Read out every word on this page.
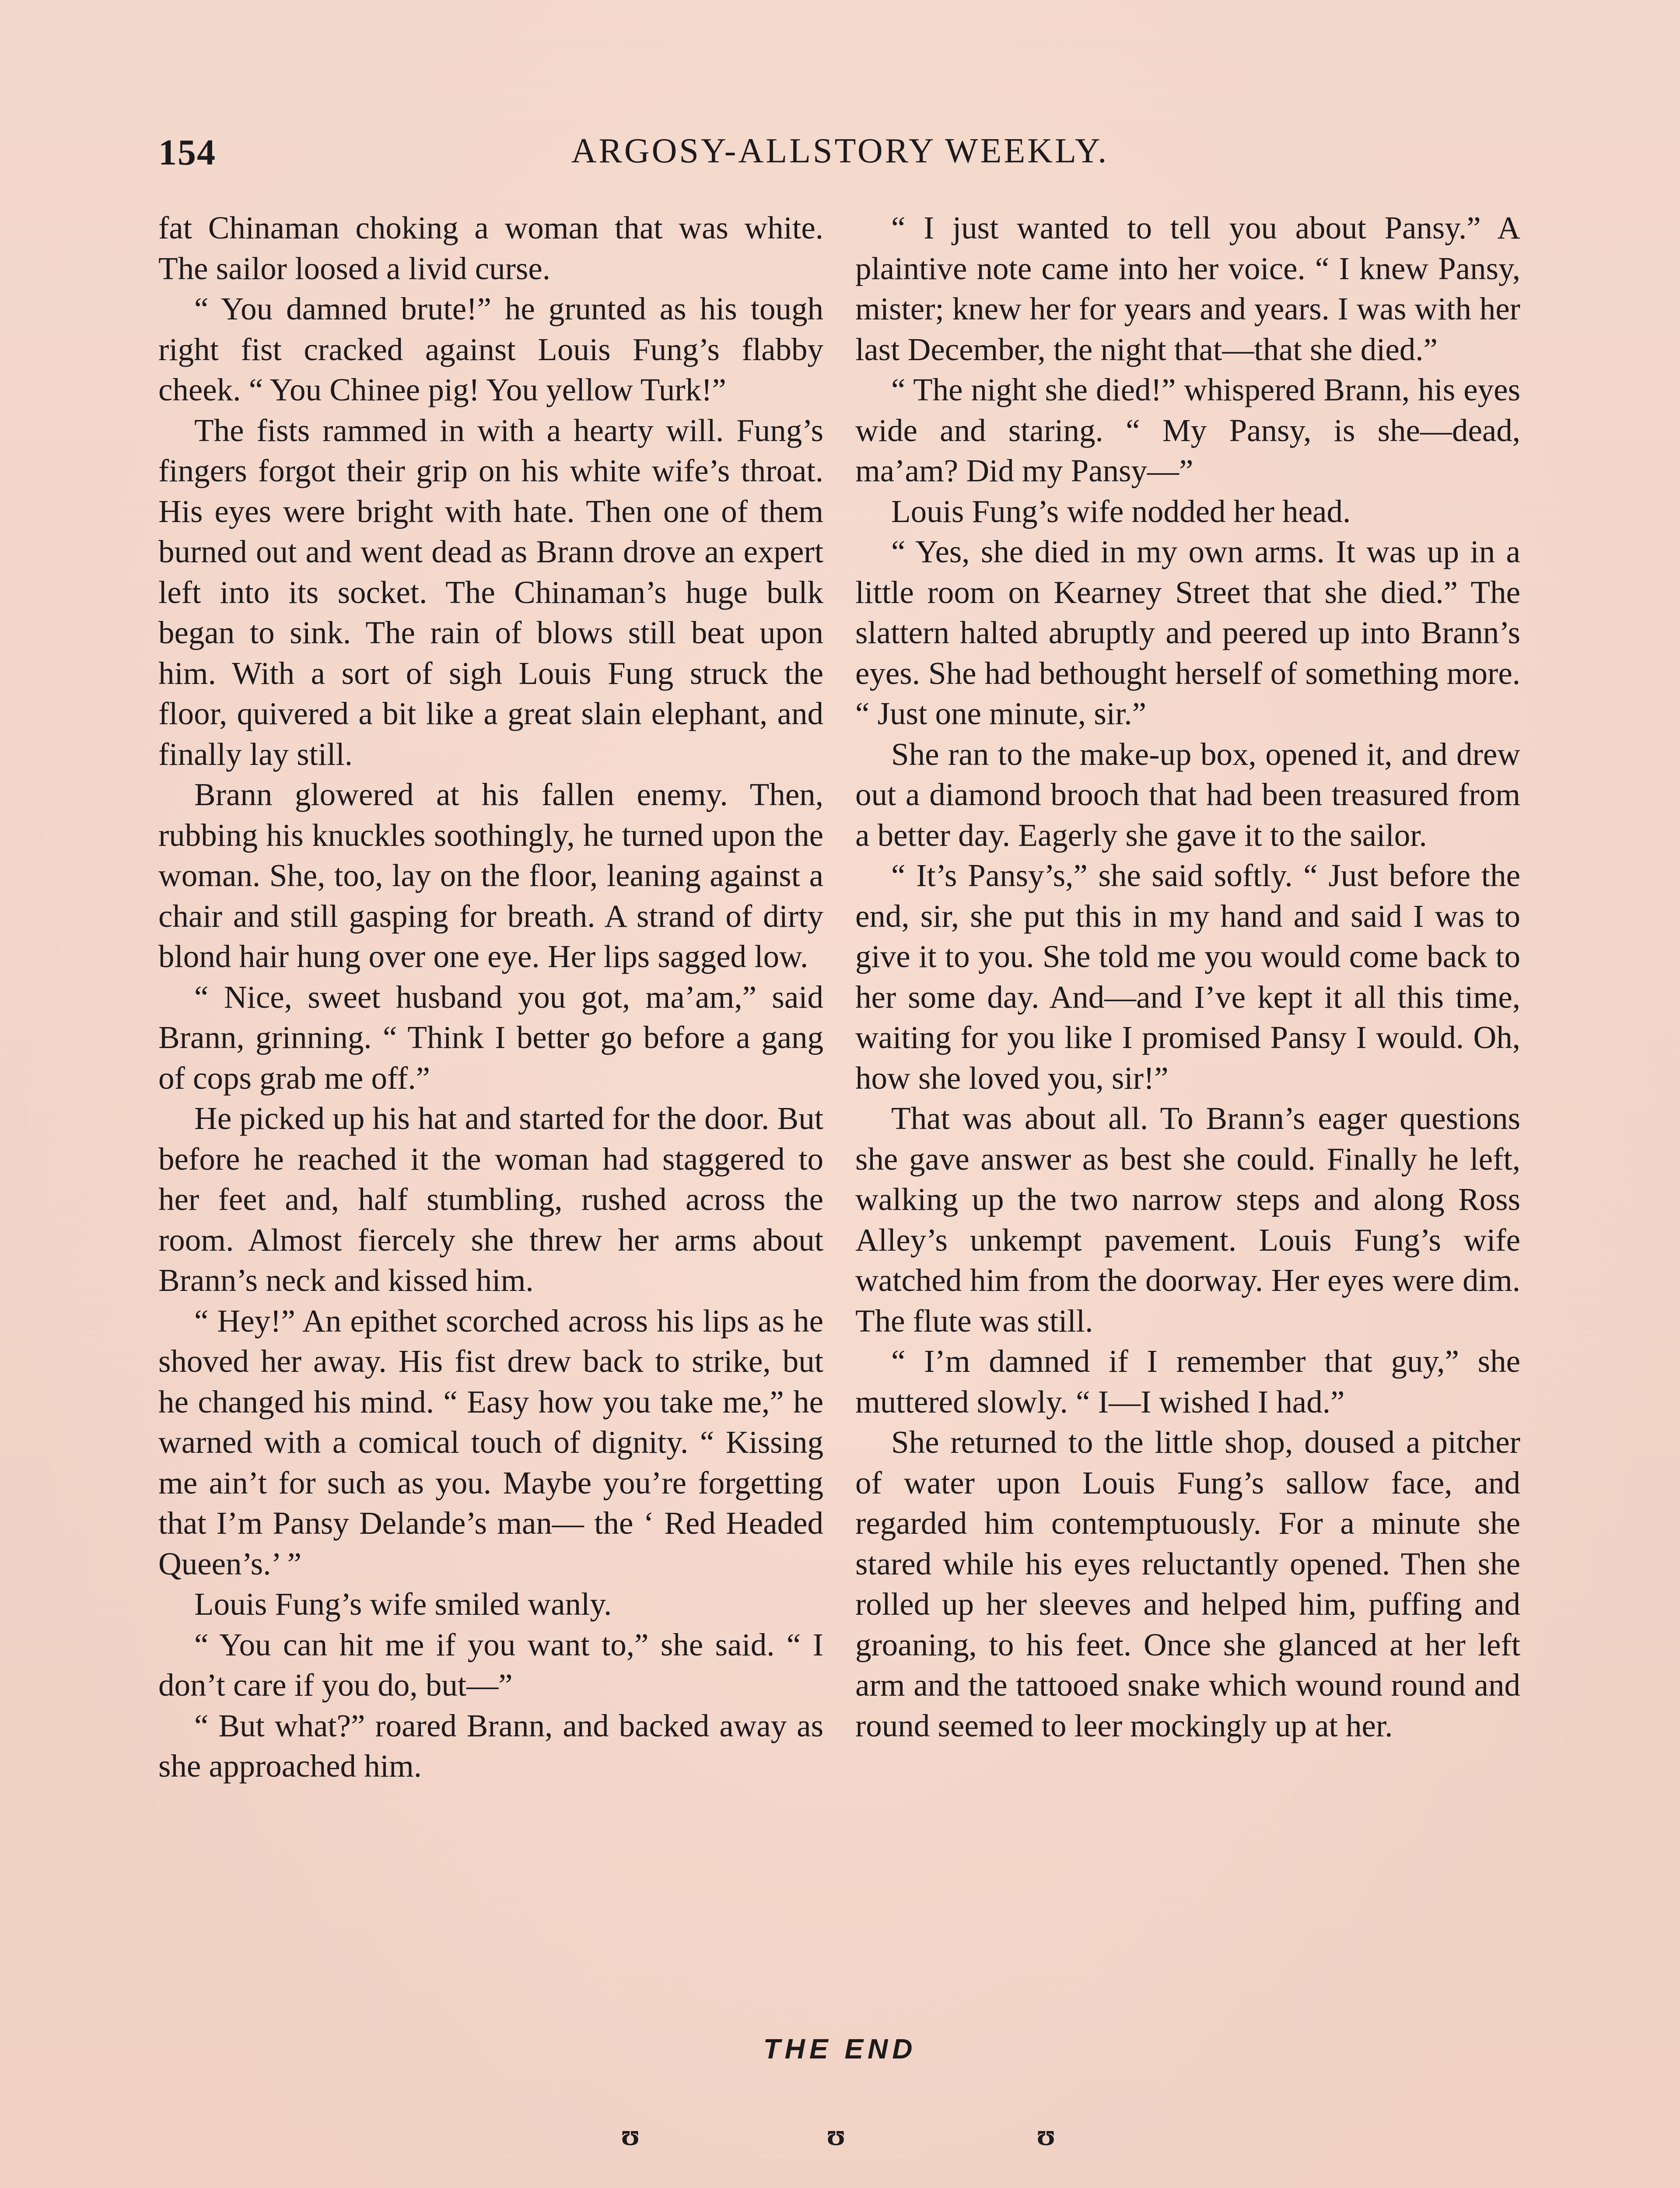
154	ARGOSY-ALLSTORY WEEKLY.

fat Chinaman choking a woman that was white. The sailor loosed a livid curse.

“ You damned brute!” he grunted as his tough right fist cracked against Louis Fung’s flabby cheek. “ You Chinee pig! You yellow Turk!”

The fists rammed in with a hearty will. Fung’s fingers forgot their grip on his white wife’s throat. His eyes were bright with hate. Then one of them burned out and went dead as Brann drove an expert left into its socket. The Chinaman’s huge bulk began to sink. The rain of blows still beat upon him. With a sort of sigh Louis Fung struck the floor, quivered a bit like a great slain elephant, and finally lay still.

Brann glowered at his fallen enemy. Then, rubbing his knuckles soothingly, he turned upon the woman. She, too, lay on the floor, leaning against a chair and still gasping for breath. A strand of dirty blond hair hung over one eye. Her lips sagged low.

“ Nice, sweet husband you got, ma’am,” said Brann, grinning. “ Think I better go before a gang of cops grab me off.”

He picked up his hat and started for the door. But before he reached it the woman had staggered to her feet and, half stumbling, rushed across the room. Almost fiercely she threw her arms about Brann’s neck and kissed him.

“ Hey!” An epithet scorched across his lips as he shoved her away. His fist drew back to strike, but he changed his mind. “ Easy how you take me,” he warned with a comical touch of dignity. “ Kissing me ain’t for such as you. Maybe you’re forgetting that I’m Pansy Delande’s man— the ‘ Red Headed Queen’s.’ ”

Louis Fung’s wife smiled wanly.

“ You can hit me if you want to,” she said. “ I don’t care if you do, but—”

“ But what?” roared Brann, and backed away as she approached him.

“ I just wanted to tell you about Pansy.” A plaintive note came into her voice. “ I knew Pansy, mister; knew her for years and years. I was with her last December, the night that—that she died.”

“ The night she died!” whispered Brann, his eyes wide and staring. “ My Pansy, is she—dead, ma’am? Did my Pansy—”

Louis Fung’s wife nodded her head.

“ Yes, she died in my own arms. It was up in a little room on Kearney Street that she died.” The slattern halted abruptly and peered up into Brann’s eyes. She had bethought herself of something more. “ Just one minute, sir.”

She ran to the make-up box, opened it, and drew out a diamond brooch that had been treasured from a better day. Eagerly she gave it to the sailor.

“ It’s Pansy’s,” she said softly. “ Just before the end, sir, she put this in my hand and said I was to give it to you. She told me you would come back to her some day. And—and I’ve kept it all this time, waiting for you like I promised Pansy I would. Oh, how she loved you, sir!”

That was about all. To Brann’s eager questions she gave answer as best she could. Finally he left, walking up the two narrow steps and along Ross Alley’s unkempt pavement. Louis Fung’s wife watched him from the doorway. Her eyes were dim. The flute was still.

“ I’m damned if I remember that guy,” she muttered slowly. “ I—I wished I had.”

She returned to the little shop, doused a pitcher of water upon Louis Fung’s sallow face, and regarded him contemptuously. For a minute she stared while his eyes reluctantly opened. Then she rolled up her sleeves and helped him, puffing and groaning, to his feet. Once she glanced at her left arm and the tattooed snake which wound round and round seemed to leer mockingly up at her.

THE END
ʊ	ʊ	ʊ
